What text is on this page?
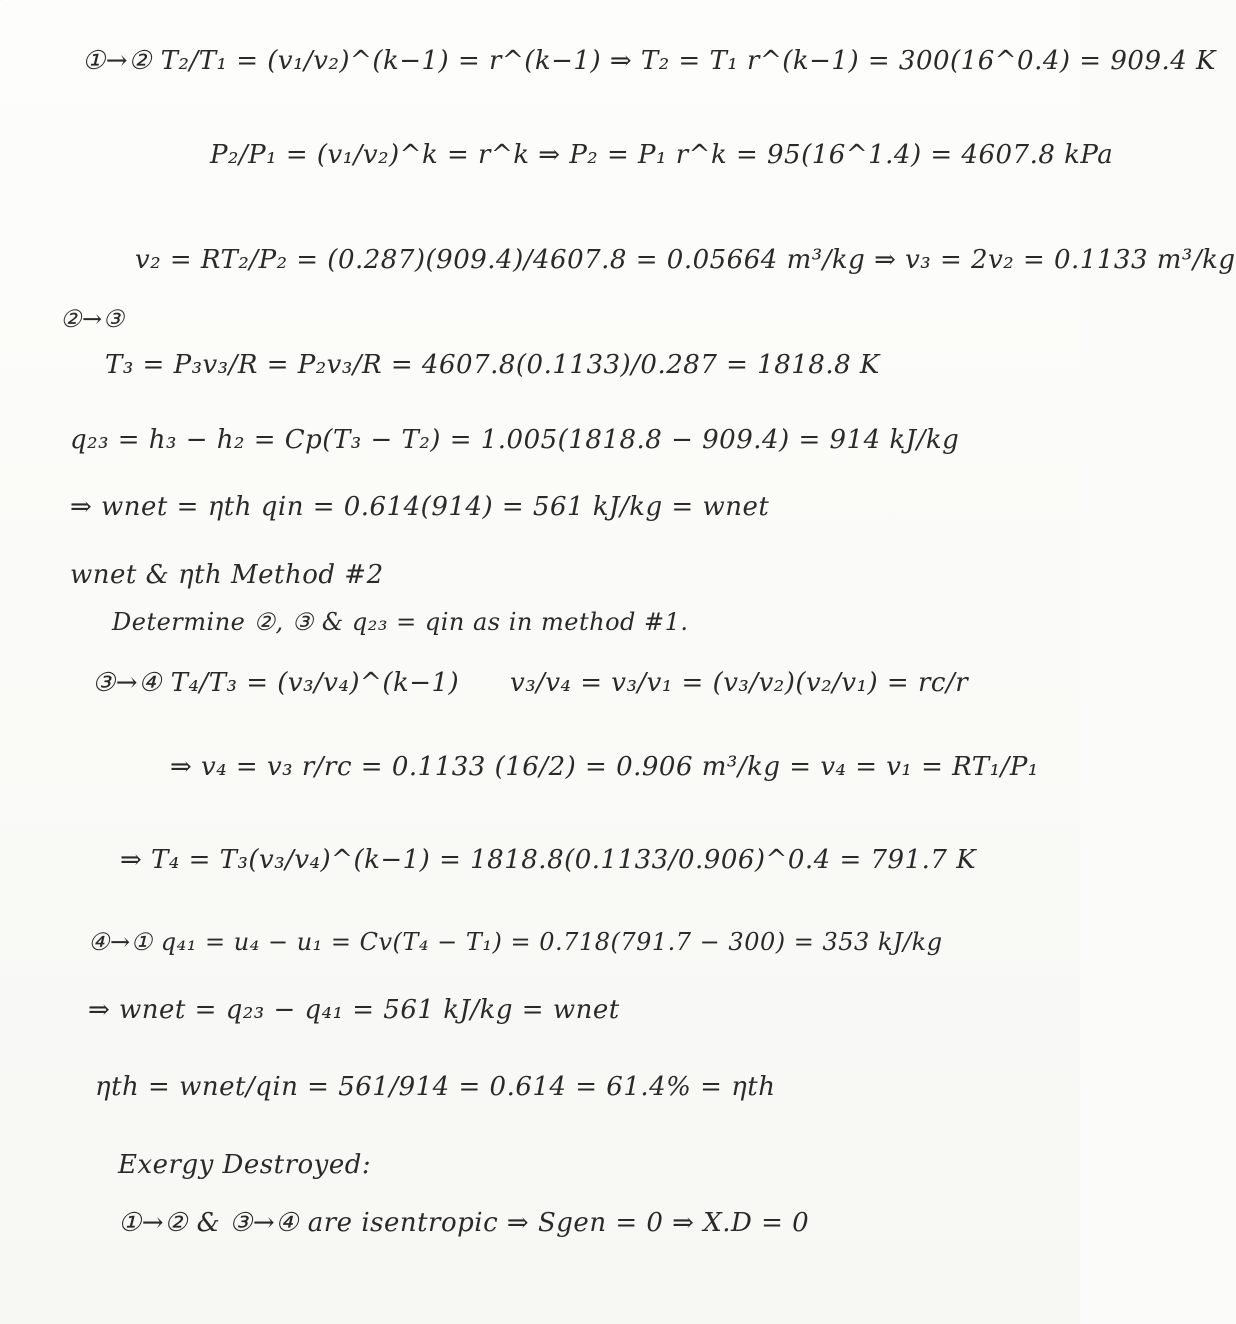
①→② T₂/T₁ = (v₁/v₂)^(k−1) = r^(k−1) ⇒ T₂ = T₁ r^(k−1) = 300(16^0.4) = 909.4 K
P₂/P₁ = (v₁/v₂)^k = r^k ⇒ P₂ = P₁ r^k = 95(16^1.4) = 4607.8 kPa
v₂ = RT₂/P₂ = (0.287)(909.4)/4607.8 = 0.05664 m³/kg ⇒ v₃ = 2v₂ = 0.1133 m³/kg
②→③
T₃ = P₃v₃/R = P₂v₃/R = 4607.8(0.1133)/0.287 = 1818.8 K
q₂₃ = h₃ − h₂ = Cp(T₃ − T₂) = 1.005(1818.8 − 909.4) = 914 kJ/kg
⇒ wnet = ηth qin = 0.614(914) = 561 kJ/kg = wnet
wnet & ηth Method #2
Determine ②, ③ & q₂₃ = qin as in method #1.
③→④ T₄/T₃ = (v₃/v₄)^(k−1) v₃/v₄ = v₃/v₁ = (v₃/v₂)(v₂/v₁) = rc/r
⇒ v₄ = v₃ r/rc = 0.1133 (16/2) = 0.906 m³/kg = v₄ = v₁ = RT₁/P₁
⇒ T₄ = T₃(v₃/v₄)^(k−1) = 1818.8(0.1133/0.906)^0.4 = 791.7 K
④→① q₄₁ = u₄ − u₁ = Cv(T₄ − T₁) = 0.718(791.7 − 300) = 353 kJ/kg
⇒ wnet = q₂₃ − q₄₁ = 561 kJ/kg = wnet
ηth = wnet/qin = 561/914 = 0.614 = 61.4% = ηth
Exergy Destroyed:
①→② & ③→④ are isentropic ⇒ Sgen = 0 ⇒ X.D = 0
